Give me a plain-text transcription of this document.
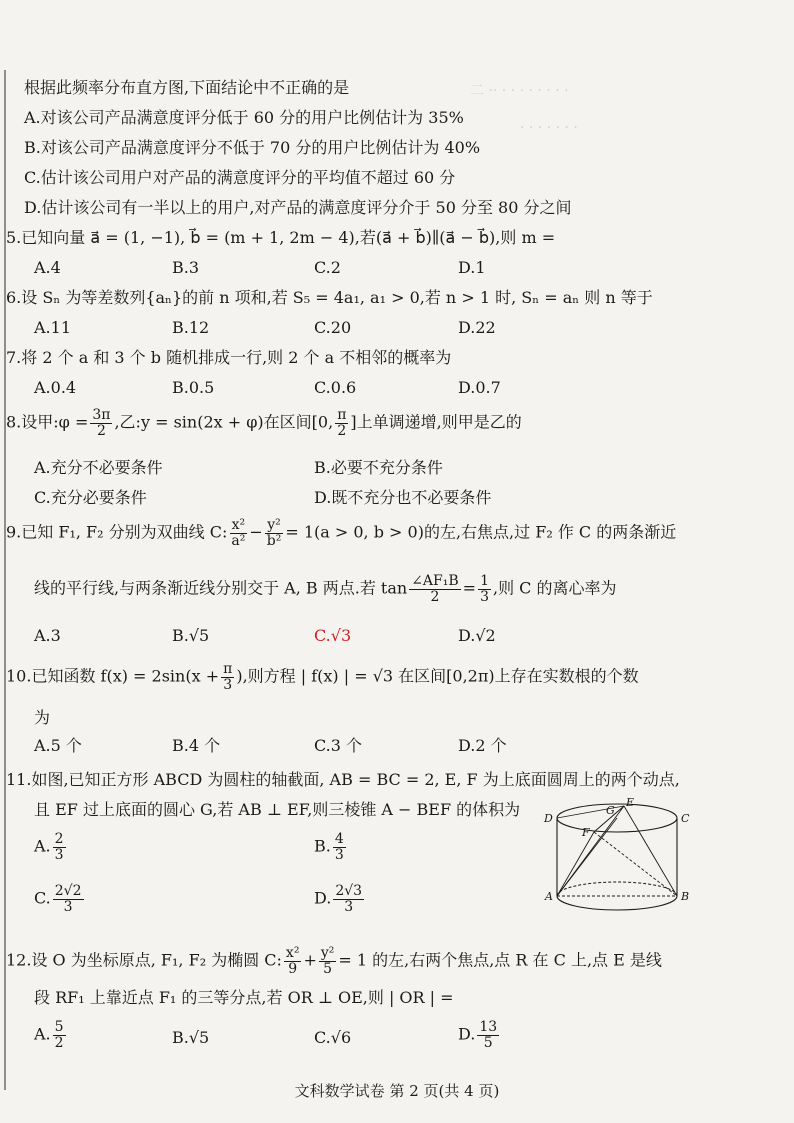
二 ·· · · · · · · · ·
· · · · · · ·
根据此频率分布直方图,下面结论中不正确的是
A.对该公司产品满意度评分低于 60 分的用户比例估计为 35%
B.对该公司产品满意度评分不低于 70 分的用户比例估计为 40%
C.估计该公司用户对产品的满意度评分的平均值不超过 60 分
D.估计该公司有一半以上的用户,对产品的满意度评分介于 50 分至 80 分之间
5.已知向量 a⃗ = (1, −1), b⃗ = (m + 1, 2m − 4),若(a⃗ + b⃗)∥(a⃗ − b⃗),则 m =
A.4	B.3	C.2	D.1
6.设 Sₙ 为等差数列{aₙ}的前 n 项和,若 S₅ = 4a₁, a₁ > 0,若 n > 1 时, Sₙ = aₙ 则 n 等于
A.11	B.12	C.20	D.22
7.将 2 个 a 和 3 个 b 随机排成一行,则 2 个 a 不相邻的概率为
A.0.4	B.0.5	C.0.6	D.0.7
8.设甲:φ = $\frac{3\pi}{2}$ ,乙:y = sin(2x + φ)在区间[0, $\frac{\pi}{2}$ ]上单调递增,则甲是乙的
A.充分不必要条件	B.必要不充分条件
C.充分必要条件	D.既不充分也不必要条件
9.已知 F₁, F₂ 分别为双曲线 C: $\frac{\text{x²}}{\text{a²}} - \frac{\text{y²}}{\text{b²}} = 1(a > 0$, b > 0)的左,右焦点,过 F₂ 作 C 的两条渐近
线的平行线,与两条渐近线分别交于 A, B 两点.若 $\tan \frac{\text{∠AF₁B}}{2} = \frac{1}{3}$ ,则 C 的离心率为
A.3	B.√5	C.√3	D.√2
10.已知函数 $f(x) = 2\sin(x + \frac{\pi}{3}$ ),则方程 | f(x) | = √3 在区间[0,2π)上存在实数根的个数
为
A.5 个	B.4 个	C.3 个	D.2 个
11.如图,已知正方形 ABCD 为圆柱的轴截面, AB = BC = 2, E, F 为上底面圆周上的两个动点,
且 EF 过上底面的圆心 G,若 AB ⊥ EF,则三棱锥 A − BEF 的体积为
A. $\frac{2}{3}$	B. $\frac{4}{3}$
C. $\frac{2√2}{3}$	D. $\frac{2√3}{3}$
D
G
E
C
F
A	B
12.设 O 为坐标原点, F₁, F₂ 为椭圆 C: $\frac{\text{x²}}{9} + \frac{\text{y²}}{5} = 1$ 的左,右两个焦点,点 R 在 C 上,点 E 是线
段 RF₁ 上靠近点 F₁ 的三等分点,若 OR ⊥ OE,则 | OR | =
A. $\frac{5}{2}$	B.√5	C.√6	D. $\frac{13}{5}$
文科数学试卷 第 2 页(共 4 页)
